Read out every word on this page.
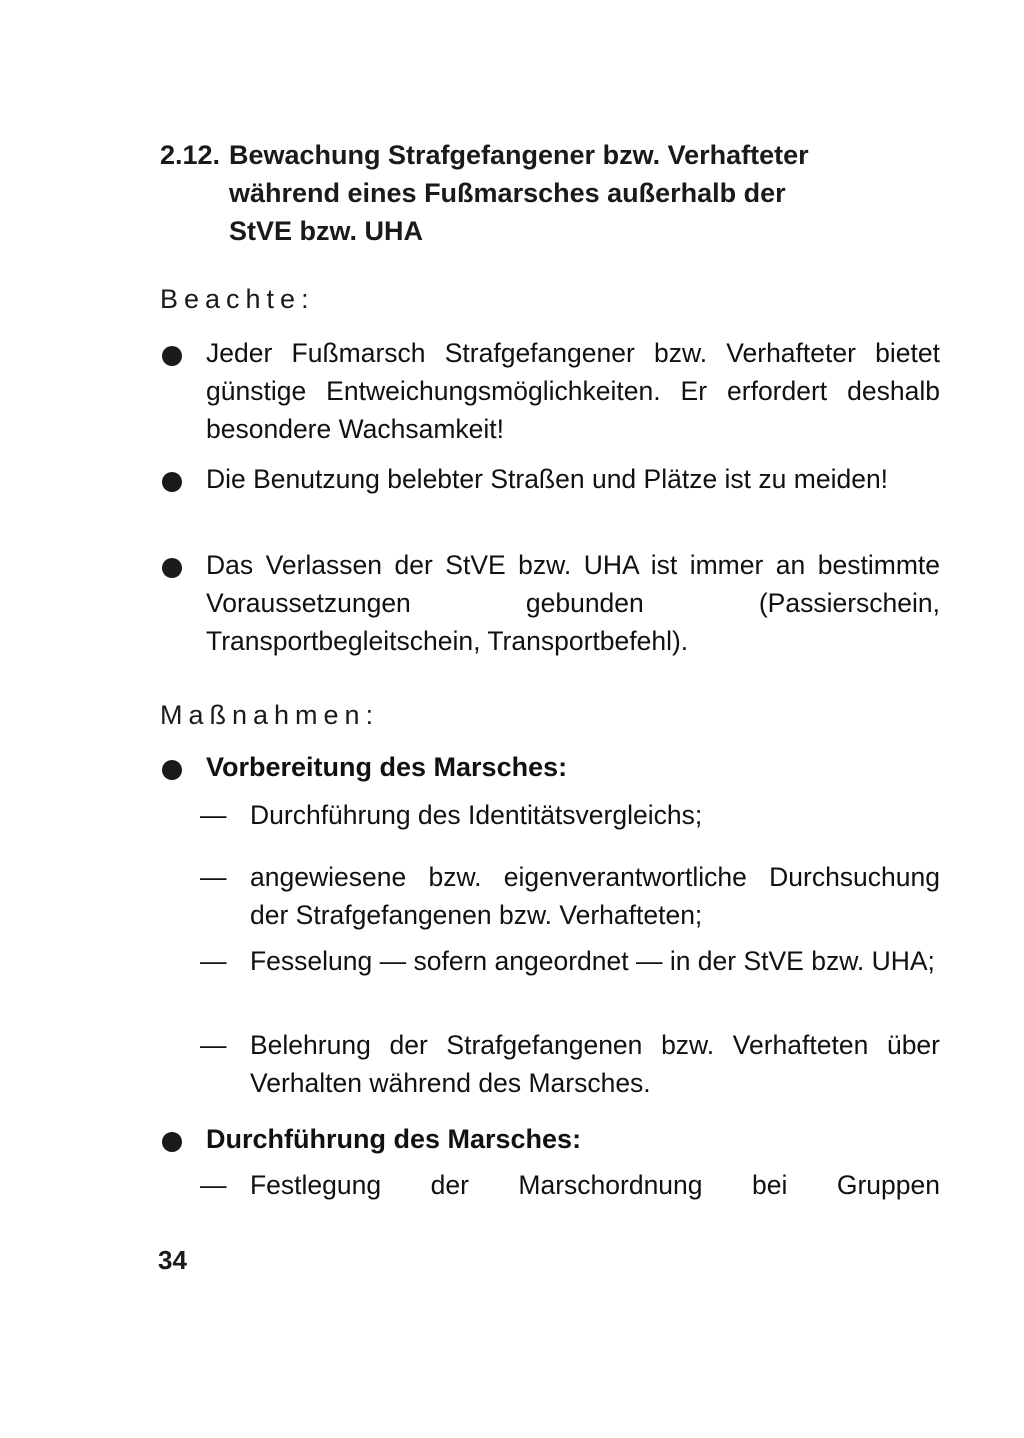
2.12. Bewachung Strafgefangener bzw. Verhafteter
während eines Fußmarsches außerhalb der
StVE bzw. UHA
Beachte:
Jeder Fußmarsch Strafgefangener bzw. Verhafteter bietet günstige Entweichungsmöglichkeiten. Er erfordert deshalb besondere Wachsamkeit!
Die Benutzung belebter Straßen und Plätze ist zu meiden!
Das Verlassen der StVE bzw. UHA ist immer an bestimmte Voraussetzungen gebunden (Passierschein, Transportbegleitschein, Transportbefehl).
Maßnahmen:
Vorbereitung des Marsches:
— Durchführung des Identitätsvergleichs;
— angewiesene bzw. eigenverantwortliche Durchsuchung der Strafgefangenen bzw. Verhafteten;
— Fesselung — sofern angeordnet — in der StVE bzw. UHA;
— Belehrung der Strafgefangenen bzw. Verhafteten über Verhalten während des Marsches.
Durchführung des Marsches:
— Festlegung der Marschordnung bei Gruppen
34
